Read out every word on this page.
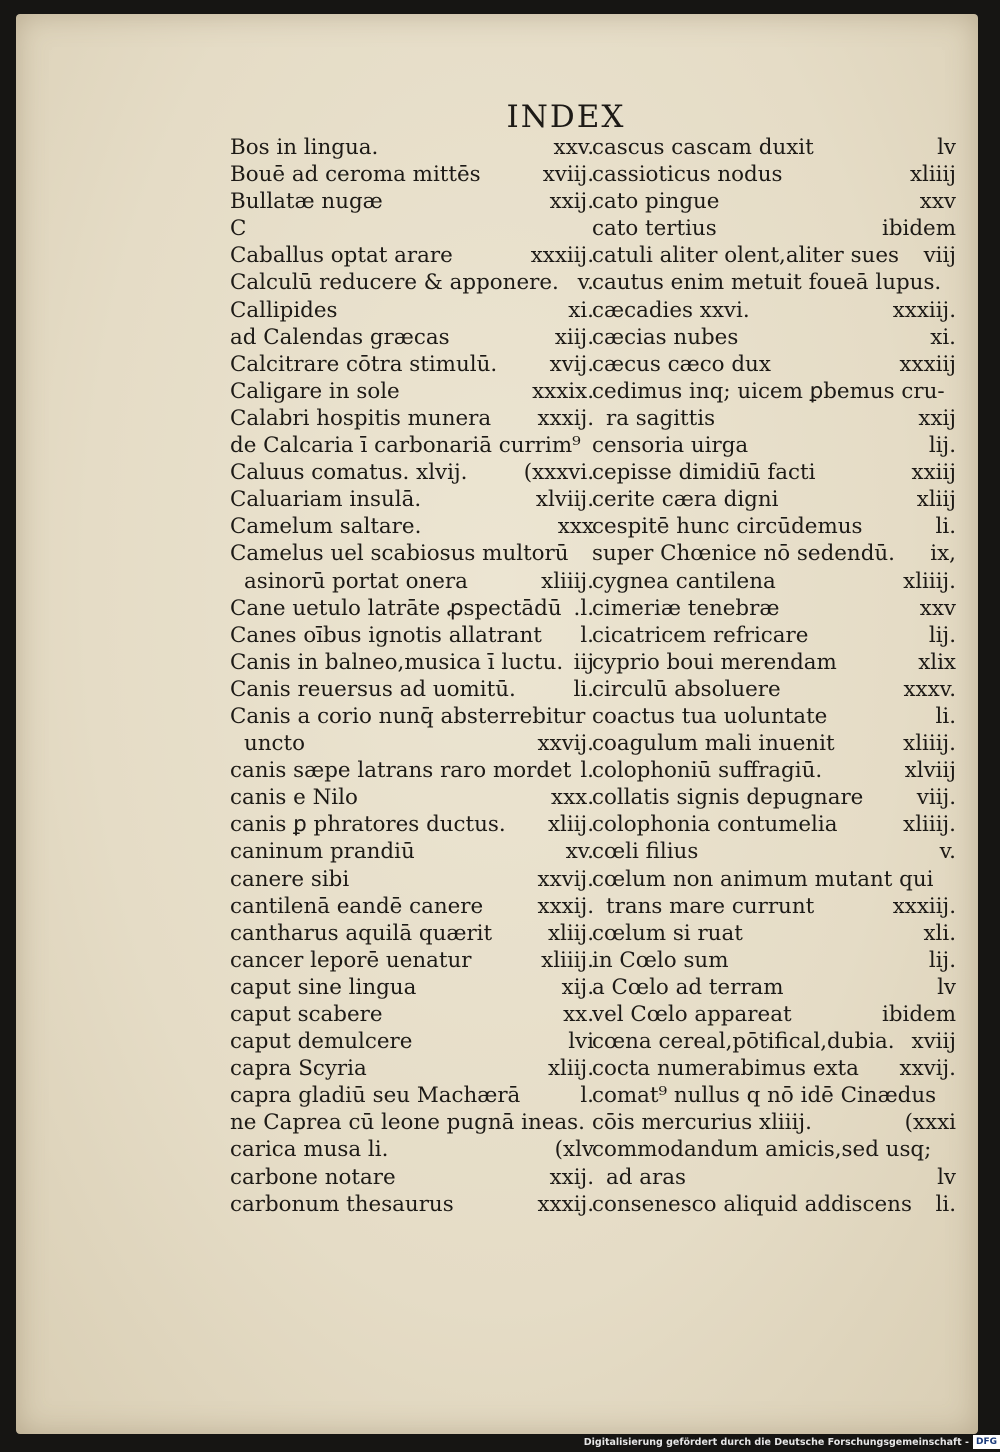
INDEX
Bos in lingua.	xxv.
Bouē ad ceroma mittēs	xviij.
Bullatæ nugæ	xxij.
C
Caballus optat arare	xxxiij.
Calculū reducere & apponere. v.
Callipides	xi.
ad Calendas græcas	xiij.
Calcitrare cōtra stimulū.	xvij.
Caligare in sole	xxxix.
Calabri hospitis munera	xxxij.
de Calcaria ī carbonariā currim⁹
Caluus comatus. xlvij.	(xxxvi.
Caluariam insulā.	xlviij.
Camelum saltare.	xxx
Camelus uel scabiosus multorū
asinorū portat onera	xliiij.
Cane uetulo latrāte ꝓspectādū .l.
Canes oībus ignotis allatrant	l.
Canis in balneo,musica ī luctu. iij
Canis reuersus ad uomitū.	li.
Canis a corio nunq̄ absterrebitur
uncto	xxvij.
canis sæpe latrans raro mordet l.
canis e Nilo	xxx.
canis ꝑ phratores ductus.	xliij.
caninum prandiū	xv.
canere sibi	xxvij.
cantilenā eandē canere	xxxij.
cantharus aquilā quærit	xliij.
cancer leporē uenatur	xliiij.
caput sine lingua	xij.
caput scabere	xx.
caput demulcere	lvi
capra Scyria	xliij.
capra gladiū seu Machærā	l.
ne Caprea cū leone pugnā ineas.
carica musa li.	(xlv
carbone notare	xxij.
carbonum thesaurus	xxxij.
cascus cascam duxit	lv
cassioticus nodus	xliiij
cato pingue	xxv
cato tertius	ibidem
catuli aliter olent,aliter sues	viij
cautus enim metuit foueā lupus.
cæcadies xxvi.	xxxiij.
cæcias nubes	xi.
cæcus cæco dux	xxxiij
cedimus inq; uicem ꝑbemus cru-
ra sagittis	xxij
censoria uirga	lij.
cepisse dimidiū facti	xxiij
cerite cæra digni	xliij
cespitē hunc circūdemus	li.
super Chœnice nō sedendū.	ix,
cygnea cantilena	xliiij.
cimeriæ tenebræ	xxv
cicatricem refricare	lij.
cyprio boui merendam	xlix
circulū absoluere	xxxv.
coactus tua uoluntate	li.
coagulum mali inuenit	xliiij.
colophoniū suffragiū.	xlviij
collatis signis depugnare	viij.
colophonia contumelia	xliiij.
cœli filius	v.
cœlum non animum mutant qui
trans mare currunt	xxxiij.
cœlum si ruat	xli.
in Cœlo sum	lij.
a Cœlo ad terram	lv
vel Cœlo appareat	ibidem
cœna cereal,pōtifical,dubia. xviij
cocta numerabimus exta	xxvij.
comat⁹ nullus q nō idē Cinædus
cōis mercurius xliiij.	(xxxi
commodandum amicis,sed usq;
ad aras	lv
consenesco aliquid addiscens	li.
Digitalisierung gefördert durch die Deutsche Forschungsgemeinschaft - DFG
